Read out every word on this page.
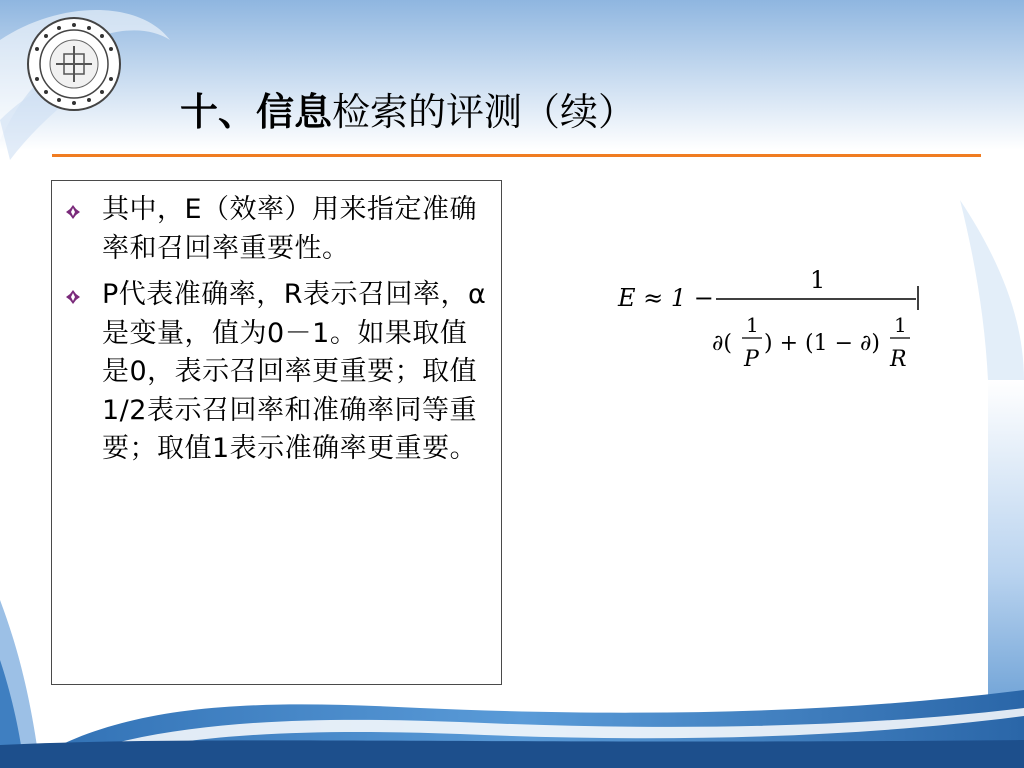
十、信息检索的评测（续）
其中，E（效率）用来指定准确率和召回率重要性。
P代表准确率，R表示召回率，α是变量，值为0－1。如果取值是0，表示召回率更重要；取值1/2表示召回率和准确率同等重要；取值1表示准确率更重要。
E ≈ 1 −
1
∂(
1
P
) + (1 − ∂)
1
R
